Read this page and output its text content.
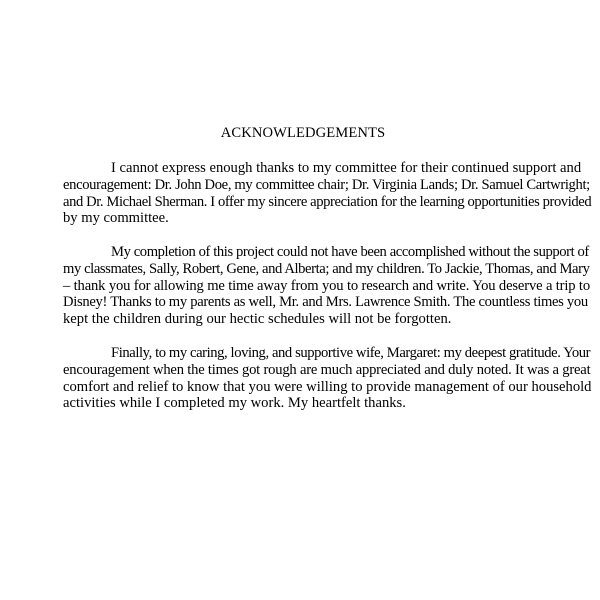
ACKNOWLEDGEMENTS
I cannot express enough thanks to my committee for their continued support and
encouragement: Dr. John Doe, my committee chair; Dr. Virginia Lands; Dr. Samuel Cartwright;
and Dr. Michael Sherman. I offer my sincere appreciation for the learning opportunities provided
by my committee.
My completion of this project could not have been accomplished without the support of
my classmates, Sally, Robert, Gene, and Alberta; and my children. To Jackie, Thomas, and Mary
– thank you for allowing me time away from you to research and write. You deserve a trip to
Disney! Thanks to my parents as well, Mr. and Mrs. Lawrence Smith. The countless times you
kept the children during our hectic schedules will not be forgotten.
Finally, to my caring, loving, and supportive wife, Margaret: my deepest gratitude. Your
encouragement when the times got rough are much appreciated and duly noted. It was a great
comfort and relief to know that you were willing to provide management of our household
activities while I completed my work. My heartfelt thanks.
